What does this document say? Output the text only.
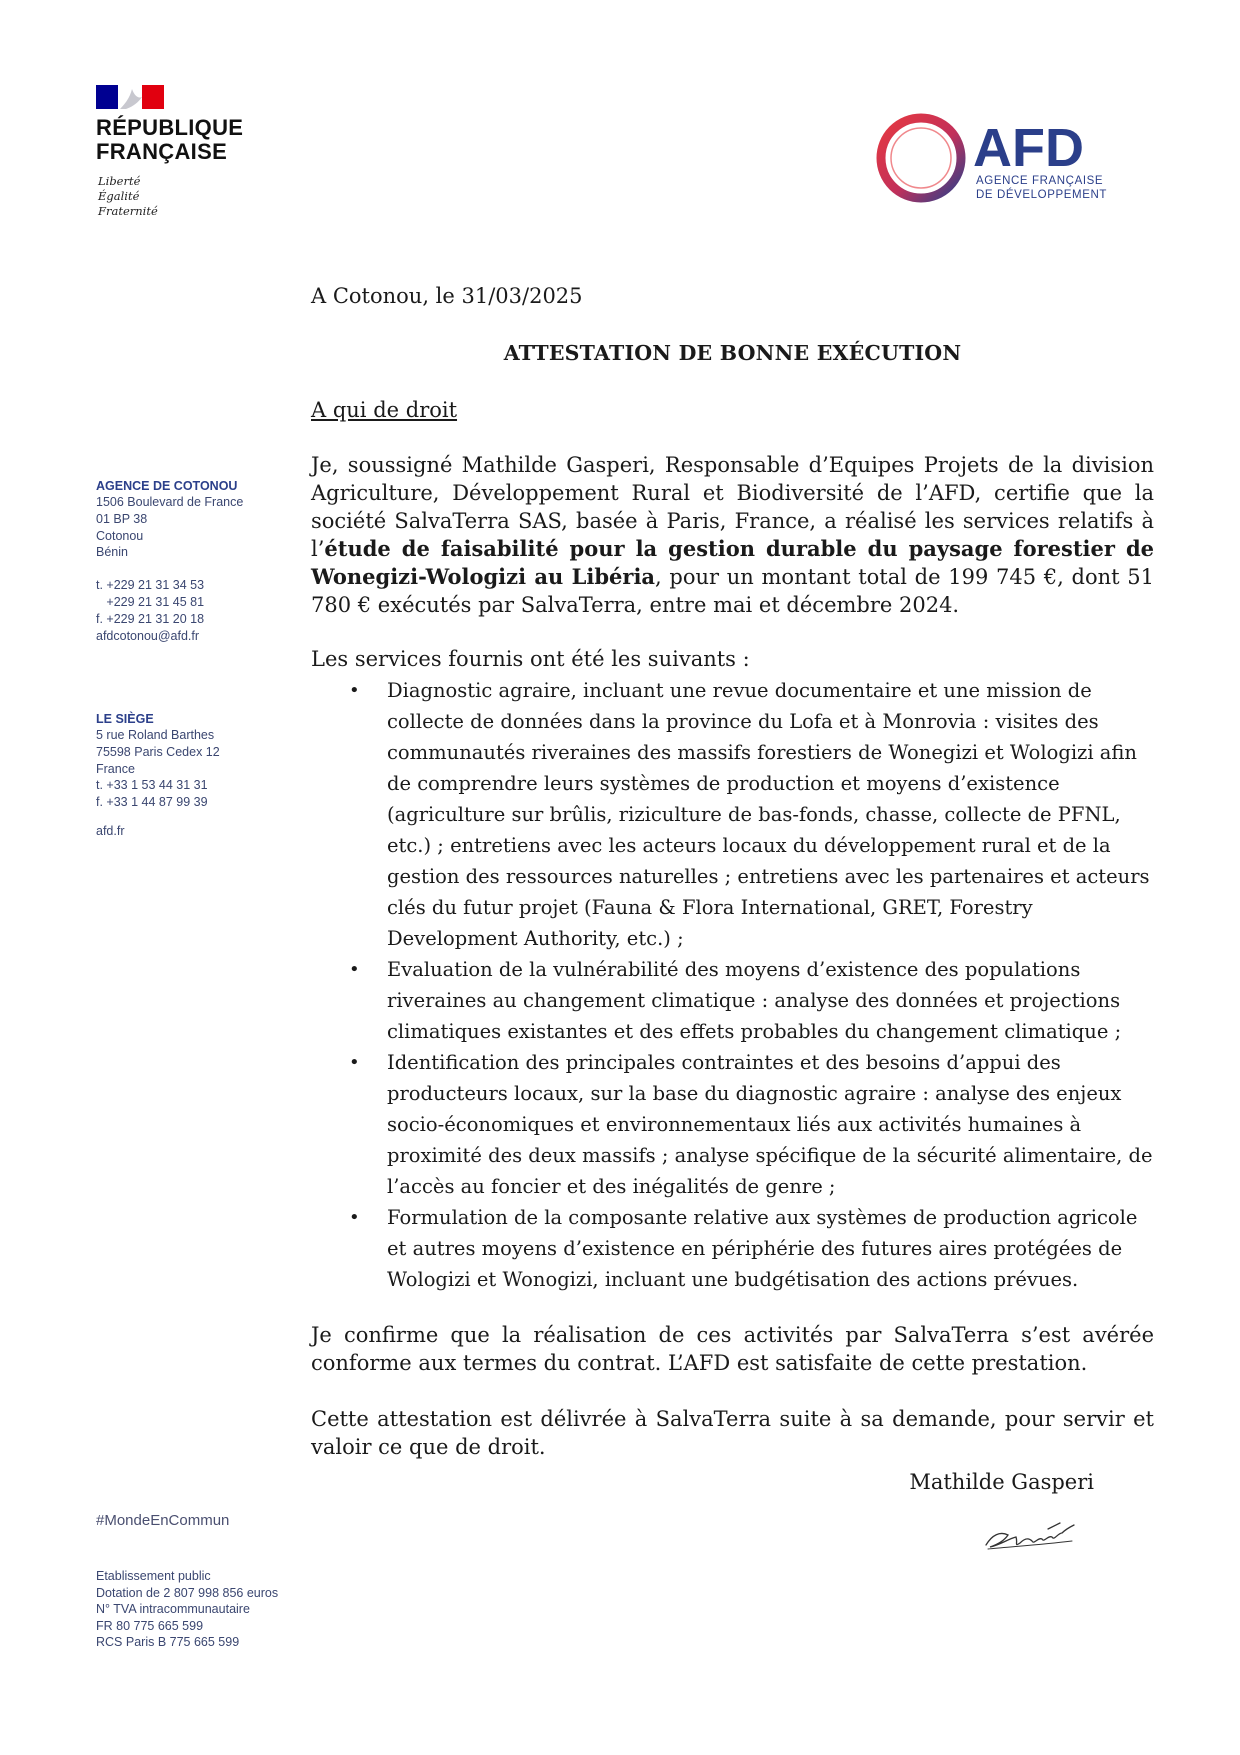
RÉPUBLIQUE
FRANÇAISE
Liberté
Égalité
Fraternité
AFD
AGENCE FRANÇAISE
DE DÉVELOPPEMENT
AGENCE DE COTONOU
1506 Boulevard de France
01 BP 38
Cotonou
Bénin
t. +229 21 31 34 53
+229 21 31 45 81
f. +229 21 31 20 18
afdcotonou@afd.fr
LE SIÈGE
5 rue Roland Barthes
75598 Paris Cedex 12
France
t. +33 1 53 44 31 31
f. +33 1 44 87 99 39
afd.fr

A Cotonou, le 31/03/2025

ATTESTATION DE BONNE EXÉCUTION

A qui de droit

Je, soussigné Mathilde Gasperi, Responsable d’Equipes Projets de la division Agriculture, Développement Rural et Biodiversité de l’AFD, certifie que la société SalvaTerra SAS, basée à Paris, France, a réalisé les services relatifs à l’étude de faisabilité pour la gestion durable du paysage forestier de Wonegizi-Wologizi au Libéria, pour un montant total de 199 745 €, dont 51 780 € exécutés par SalvaTerra, entre mai et décembre 2024.

Les services fournis ont été les suivants :

• Diagnostic agraire, incluant une revue documentaire et une mission de collecte de données dans la province du Lofa et à Monrovia : visites des communautés riveraines des massifs forestiers de Wonegizi et Wologizi afin de comprendre leurs systèmes de production et moyens d’existence (agriculture sur brûlis, riziculture de bas-fonds, chasse, collecte de PFNL, etc.) ; entretiens avec les acteurs locaux du développement rural et de la gestion des ressources naturelles ; entretiens avec les partenaires et acteurs clés du futur projet (Fauna & Flora International, GRET, Forestry Development Authority, etc.) ;
• Evaluation de la vulnérabilité des moyens d’existence des populations riveraines au changement climatique : analyse des données et projections climatiques existantes et des effets probables du changement climatique ;
• Identification des principales contraintes et des besoins d’appui des producteurs locaux, sur la base du diagnostic agraire : analyse des enjeux socio-économiques et environnementaux liés aux activités humaines à proximité des deux massifs ; analyse spécifique de la sécurité alimentaire, de l’accès au foncier et des inégalités de genre ;
• Formulation de la composante relative aux systèmes de production agricole et autres moyens d’existence en périphérie des futures aires protégées de Wologizi et Wonogizi, incluant une budgétisation des actions prévues.

Je confirme que la réalisation de ces activités par SalvaTerra s’est avérée conforme aux termes du contrat. L’AFD est satisfaite de cette prestation.

Cette attestation est délivrée à SalvaTerra suite à sa demande, pour servir et valoir ce que de droit.

Mathilde Gasperi

#MondeEnCommun
Etablissement public
Dotation de 2 807 998 856 euros
N° TVA intracommunautaire
FR 80 775 665 599
RCS Paris B 775 665 599
